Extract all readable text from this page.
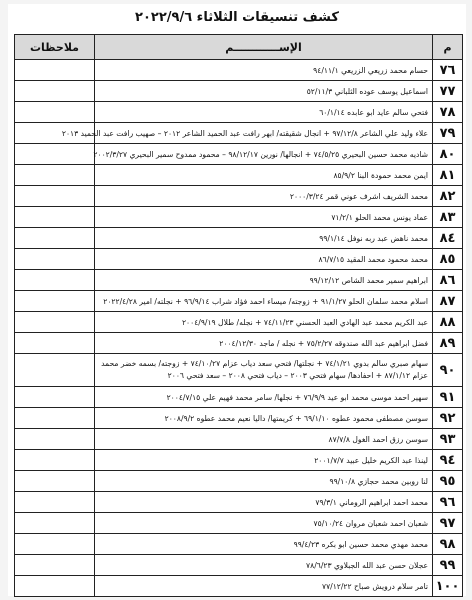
كشف تنسيقات الثلاثاء ٢٠٢٢/٩/٦
م	الإســــــــــــم	ملاحظات
٧٦	حسام محمد زريعي الزريعي ٩٤/١١/١	
٧٧	اسماعيل يوسف عوده الثلباني ٥٢/١١/٣	
٧٨	فتحي سالم عايد ابو عابده ٦٠/١/١٤	
٧٩	علاء وليد علي الشاعر ٩٧/١٢/٨ + انجال شقيقته/ ابهر رافت عبد الحميد الشاعر ٢٠١٢ – صهيب رافت عبد الحميد ٢٠١٣	
٨٠	شاديه محمد حسين البحيري ٧٤/٥/٢٥ + انجالها/ نورين ٩٨/١٢/١٧ – محمود ممدوح سمير البحيري ٢٠٠٢/٣/٢٧	
٨١	ايمن محمد حمودة البنا ٨٥/٩/٢	
٨٢	محمد الشريف اشرف عوني قمر ٢٠٠٠/٣/٢٤	
٨٣	عماد يونس محمد الحلو ٧١/٢/١	
٨٤	محمد ناهض عبد ربه نوفل ٩٩/١/١٤	
٨٥	محمد محمود محمد المقيد ٨٦/٧/١٥	
٨٦	ابراهيم سمير محمد الشاص ٩٩/١٢/١٢	
٨٧	اسلام محمد سلمان الحلو ٩١/١/٢٧ + زوجته/ ميساء احمد فؤاد شراب ٩٦/٩/١٤ + نجلته/ امير ٢٠٢٢/٤/٢٨	
٨٨	عبد الكريم محمد عبد الهادي العبد الحسني ٧٤/١١/٢٣ + نجله/ طلال ٢٠٠٤/٩/١٩	
٨٩	فضل ابراهيم عبد الله صندوقه ٧٥/٢/٢٧ + نجله / ماجد ٢٠٠٤/١٢/٣٠	
٩٠	سهام صبري سالم بدوي ٧٤/١/٢١ + نجلتها/ فتحي سعد دياب عزام ٧٤/١٠/٢٧ + زوجته/ بسمه خضر محمد عزام ٨٧/١/١٢ + احفادها/ سهام فتحي ٢٠٠٣ – دياب فتحي ٢٠٠٨ – سعد فتحي ٢٠٠٦	
٩١	سهير احمد موسى محمد ابو عيد ٧٦/٩/٩ + نجلها/ سامر محمد فهيم علي ٢٠٠٤/٧/١٥	
٩٢	سوسن مصطفى محمود عطوه ٦٩/١/١٠ + كريمتها/ داليا نعيم محمد عطوه ٢٠٠٨/٩/٢	
٩٣	سوسن رزق احمد الغول ٨٧/٧/٨	
٩٤	لينذا عبد الكريم خليل عبيد ٢٠٠١/٧/٧	
٩٥	لنا روبين محمد حجازي ٩٩/١٠/٨	
٩٦	محمد احمد ابراهيم الروماني ٧٩/٣/١	
٩٧	شعبان احمد شعبان مروان ٧٥/١٠/٢٤	
٩٨	محمد مهدي محمد حسين ابو بكره ٩٩/٤/٢٣	
٩٩	عجلان حسن عبد الله الجبلاوي ٧٨/٦/٢٣	
١٠٠	تامر سلام درويش صباح ٧٧/١٢/٢٢	
